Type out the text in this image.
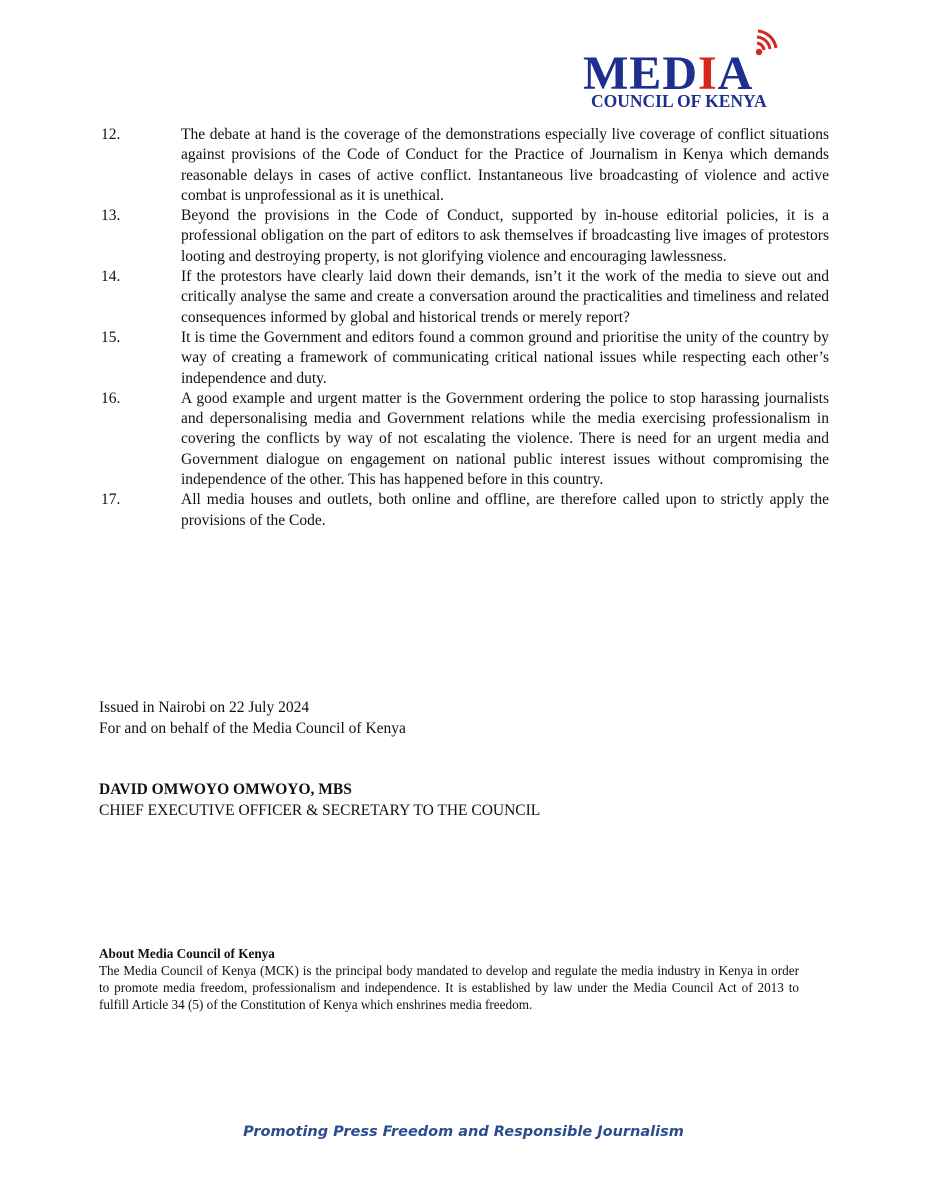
MEDIA
COUNCIL OF KENYA
12.	The debate at hand is the coverage of the demonstrations especially live coverage of conflict situations against provisions of the Code of Conduct for the Practice of Journalism in Kenya which demands reasonable delays in cases of active conflict. Instantaneous live broadcasting of violence and active combat is unprofessional as it is unethical.
13.	Beyond the provisions in the Code of Conduct, supported by in-house editorial policies, it is a professional obligation on the part of editors to ask themselves if broadcasting live images of protestors looting and destroying property, is not glorifying violence and encouraging lawlessness.
14.	If the protestors have clearly laid down their demands, isn’t it the work of the media to sieve out and critically analyse the same and create a conversation around the practicalities and timeliness and related consequences informed by global and historical trends or merely report?
15.	It is time the Government and editors found a common ground and prioritise the unity of the country by way of creating a framework of communicating critical national issues while respecting each other’s independence and duty.
16.	A good example and urgent matter is the Government ordering the police to stop harassing journalists and depersonalising media and Government relations while the media exercising professionalism in covering the conflicts by way of not escalating the violence. There is need for an urgent media and Government dialogue on engagement on national public interest issues without compromising the independence of the other. This has happened before in this country.
17.	All media houses and outlets, both online and offline, are therefore called upon to strictly apply the provisions of the Code.
Issued in Nairobi on 22 July 2024
For and on behalf of the Media Council of Kenya
DAVID OMWOYO OMWOYO, MBS
CHIEF EXECUTIVE OFFICER & SECRETARY TO THE COUNCIL
About Media Council of Kenya
The Media Council of Kenya (MCK) is the principal body mandated to develop and regulate the media industry in Kenya in order to promote media freedom, professionalism and independence. It is established by law under the Media Council Act of 2013 to fulfill Article 34 (5) of the Constitution of Kenya which enshrines media freedom.
Promoting Press Freedom and Responsible Journalism
